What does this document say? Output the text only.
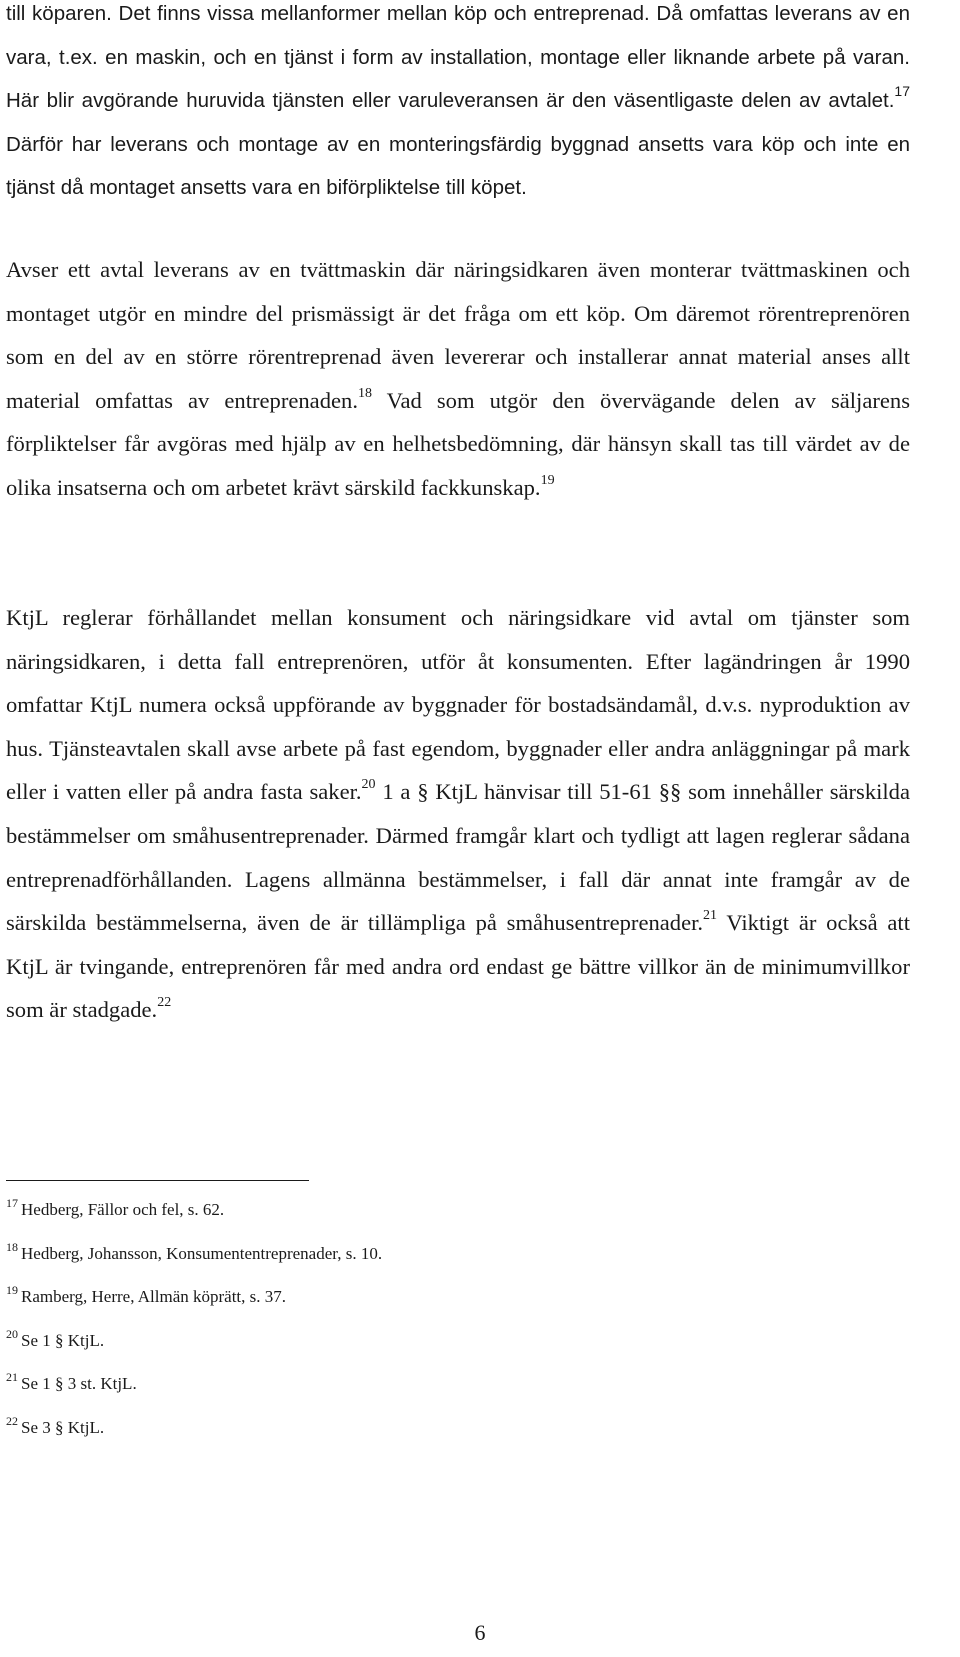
till köparen. Det finns vissa mellanformer mellan köp och entreprenad. Då omfattas leverans av en vara, t.ex. en maskin, och en tjänst i form av installation, montage eller liknande arbete på varan. Här blir avgörande huruvida tjänsten eller varuleveransen är den väsentligaste delen av avtalet.$^{17}$ Därför har leverans och montage av en monteringsfärdig byggnad ansetts vara köp och inte en tjänst då montaget ansetts vara en biförpliktelse till köpet.

Avser ett avtal leverans av en tvättmaskin där näringsidkaren även monterar tvättmaskinen och montaget utgör en mindre del prismässigt är det fråga om ett köp. Om däremot rörentreprenören som en del av en större rörentreprenad även levererar och installerar annat material anses allt material omfattas av entreprenaden.$^{18}$ Vad som utgör den övervägande delen av säljarens förpliktelser får avgöras med hjälp av en helhetsbedömning, där hänsyn skall tas till värdet av de olika insatserna och om arbetet krävt särskild fackkunskap.$^{19}$

KtjL reglerar förhållandet mellan konsument och näringsidkare vid avtal om tjänster som näringsidkaren, i detta fall entreprenören, utför åt konsumenten. Efter lagändringen år 1990 omfattar KtjL numera också uppförande av byggnader för bostadsändamål, d.v.s. nyproduktion av hus. Tjänsteavtalen skall avse arbete på fast egendom, byggnader eller andra anläggningar på mark eller i vatten eller på andra fasta saker.$^{20}$ 1 a § KtjL hänvisar till 51-61 §§ som innehåller särskilda bestämmelser om småhusentreprenader. Därmed framgår klart och tydligt att lagen reglerar sådana entreprenadförhållanden. Lagens allmänna bestämmelser, i fall där annat inte framgår av de särskilda bestämmelserna, även de är tillämpliga på småhusentreprenader.$^{21}$ Viktigt är också att KtjL är tvingande, entreprenören får med andra ord endast ge bättre villkor än de minimumvillkor som är stadgade.$^{22}$

$^{17}$ Hedberg, Fällor och fel, s. 62.
$^{18}$ Hedberg, Johansson, Konsumententreprenader, s. 10.
$^{19}$ Ramberg, Herre, Allmän köprätt, s. 37.
$^{20}$ Se 1 § KtjL.
$^{21}$ Se 1 § 3 st. KtjL.
$^{22}$ Se 3 § KtjL.
6
